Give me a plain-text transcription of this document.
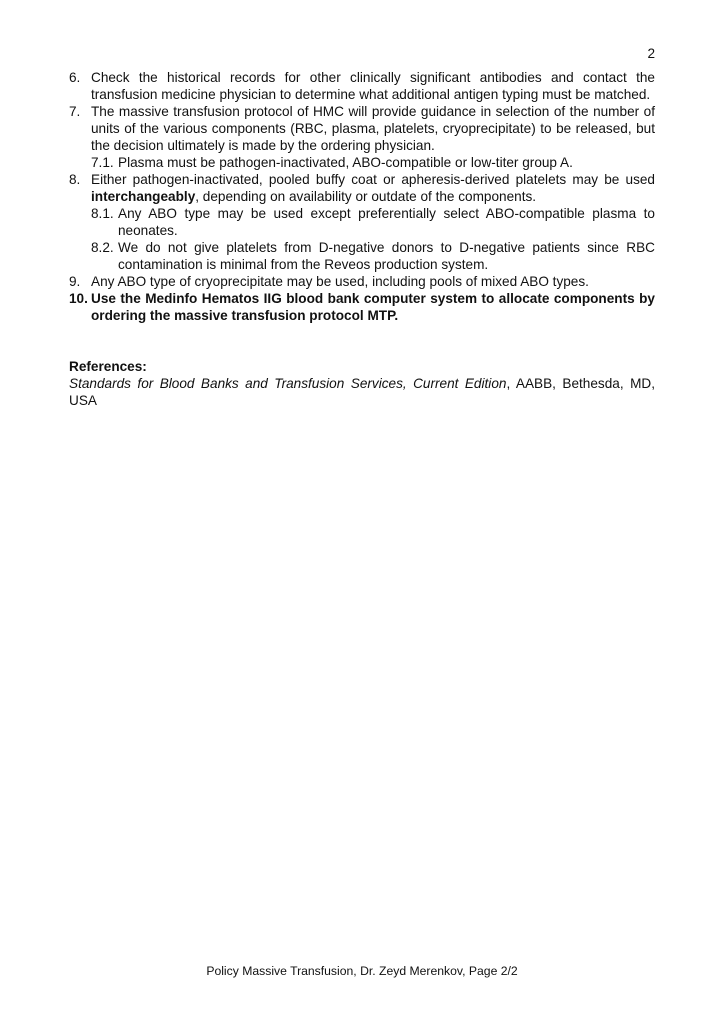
2
6. Check the historical records for other clinically significant antibodies and contact the transfusion medicine physician to determine what additional antigen typing must be matched.
7. The massive transfusion protocol of HMC will provide guidance in selection of the number of units of the various components (RBC, plasma, platelets, cryoprecipitate) to be released, but the decision ultimately is made by the ordering physician.
7.1. Plasma must be pathogen-inactivated, ABO-compatible or low-titer group A.
8. Either pathogen-inactivated, pooled buffy coat or apheresis-derived platelets may be used interchangeably, depending on availability or outdate of the components.
8.1. Any ABO type may be used except preferentially select ABO-compatible plasma to neonates.
8.2. We do not give platelets from D-negative donors to D-negative patients since RBC contamination is minimal from the Reveos production system.
9. Any ABO type of cryoprecipitate may be used, including pools of mixed ABO types.
10. Use the Medinfo Hematos IIG blood bank computer system to allocate components by ordering the massive transfusion protocol MTP.
References:
Standards for Blood Banks and Transfusion Services, Current Edition, AABB, Bethesda, MD, USA
Policy Massive Transfusion, Dr. Zeyd Merenkov, Page 2/2
